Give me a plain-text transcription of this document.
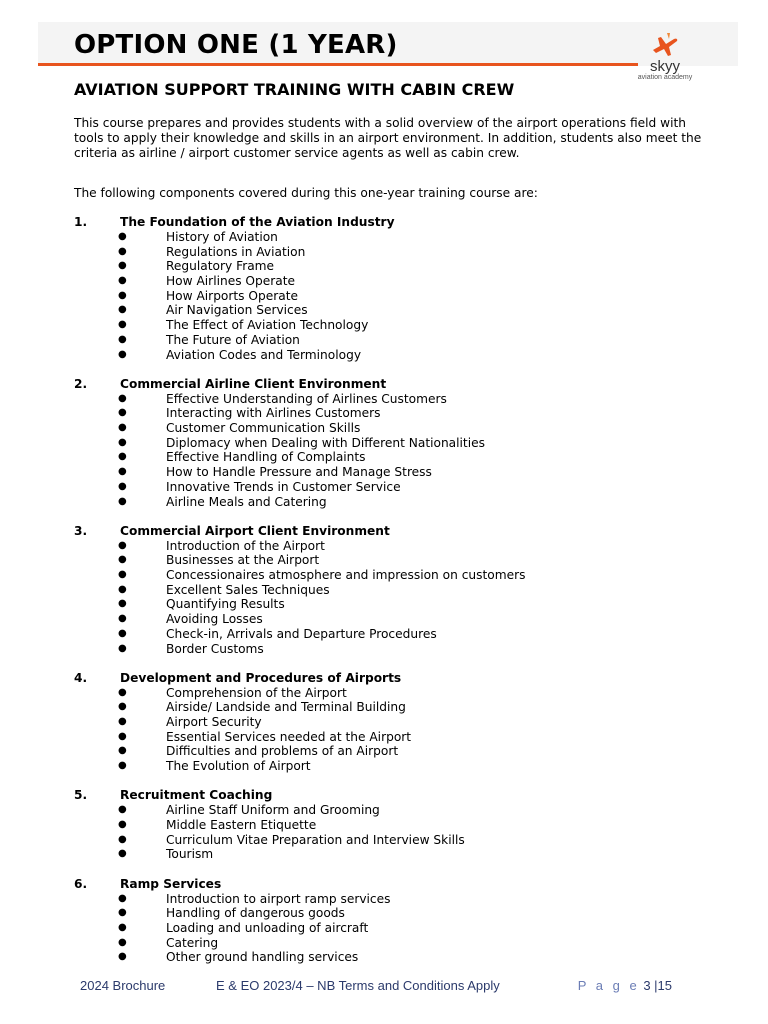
OPTION ONE (1 YEAR)
skyy
aviation academy
AVIATION SUPPORT TRAINING WITH CABIN CREW
This course prepares and provides students with a solid overview of the airport operations field with tools to apply their knowledge and skills in an airport environment. In addition, students also meet the criteria as airline / airport customer service agents as well as cabin crew.
The following components covered during this one-year training course are:
1.	The Foundation of the Aviation Industry
●	History of Aviation
●	Regulations in Aviation
●	Regulatory Frame
●	How Airlines Operate
●	How Airports Operate
●	Air Navigation Services
●	The Effect of Aviation Technology
●	The Future of Aviation
●	Aviation Codes and Terminology
2.	Commercial Airline Client Environment
●	Effective Understanding of Airlines Customers
●	Interacting with Airlines Customers
●	Customer Communication Skills
●	Diplomacy when Dealing with Different Nationalities
●	Effective Handling of Complaints
●	How to Handle Pressure and Manage Stress
●	Innovative Trends in Customer Service
●	Airline Meals and Catering
3.	Commercial Airport Client Environment
●	Introduction of the Airport
●	Businesses at the Airport
●	Concessionaires atmosphere and impression on customers
●	Excellent Sales Techniques
●	Quantifying Results
●	Avoiding Losses
●	Check-in, Arrivals and Departure Procedures
●	Border Customs
4.	Development and Procedures of Airports
●	Comprehension of the Airport
●	Airside/ Landside and Terminal Building
●	Airport Security
●	Essential Services needed at the Airport
●	Difficulties and problems of an Airport
●	The Evolution of Airport
5.	Recruitment Coaching
●	Airline Staff Uniform and Grooming
●	Middle Eastern Etiquette
●	Curriculum Vitae Preparation and Interview Skills
●	Tourism
6.	Ramp Services
●	Introduction to airport ramp services
●	Handling of dangerous goods
●	Loading and unloading of aircraft
●	Catering
●	Other ground handling services
2024 Brochure	E & EO 2023/4 – NB Terms and Conditions Apply	P a g e 3 |15
